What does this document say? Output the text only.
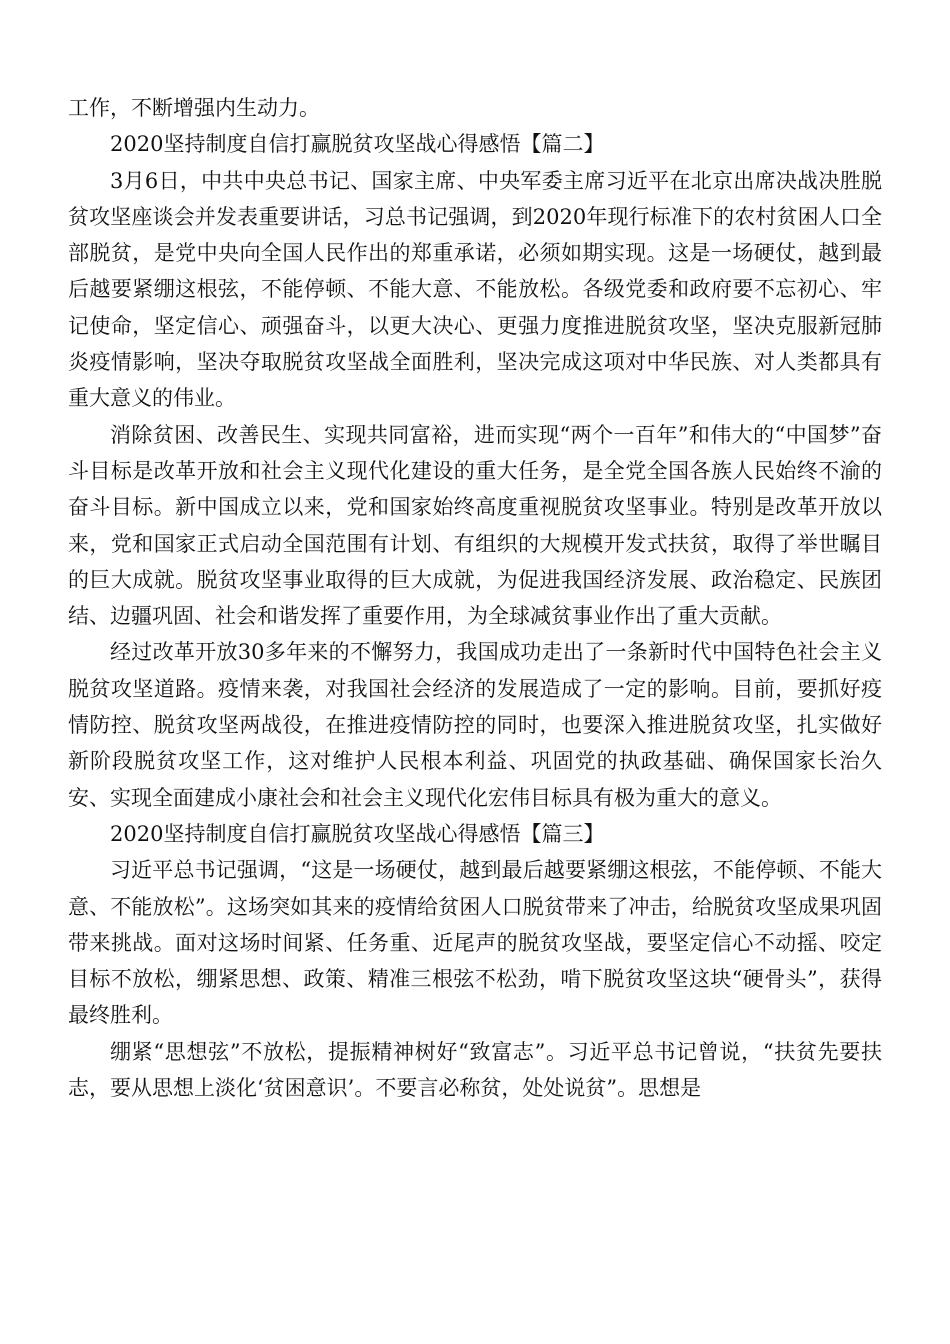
工作，不断增强内生动力。

2020坚持制度自信打赢脱贫攻坚战心得感悟【篇二】

3月6日，中共中央总书记、国家主席、中央军委主席习近平在北京出席决战决胜脱贫攻坚座谈会并发表重要讲话，习总书记强调，到2020年现行标准下的农村贫困人口全部脱贫，是党中央向全国人民作出的郑重承诺，必须如期实现。这是一场硬仗，越到最后越要紧绷这根弦，不能停顿、不能大意、不能放松。各级党委和政府要不忘初心、牢记使命，坚定信心、顽强奋斗，以更大决心、更强力度推进脱贫攻坚，坚决克服新冠肺炎疫情影响，坚决夺取脱贫攻坚战全面胜利，坚决完成这项对中华民族、对人类都具有重大意义的伟业。

消除贫困、改善民生、实现共同富裕，进而实现“两个一百年”和伟大的“中国梦”奋斗目标是改革开放和社会主义现代化建设的重大任务，是全党全国各族人民始终不渝的奋斗目标。新中国成立以来，党和国家始终高度重视脱贫攻坚事业。特别是改革开放以来，党和国家正式启动全国范围有计划、有组织的大规模开发式扶贫，取得了举世瞩目的巨大成就。脱贫攻坚事业取得的巨大成就，为促进我国经济发展、政治稳定、民族团结、边疆巩固、社会和谐发挥了重要作用，为全球减贫事业作出了重大贡献。

经过改革开放30多年来的不懈努力，我国成功走出了一条新时代中国特色社会主义脱贫攻坚道路。疫情来袭，对我国社会经济的发展造成了一定的影响。目前，要抓好疫情防控、脱贫攻坚两战役，在推进疫情防控的同时，也要深入推进脱贫攻坚，扎实做好新阶段脱贫攻坚工作，这对维护人民根本利益、巩固党的执政基础、确保国家长治久安、实现全面建成小康社会和社会主义现代化宏伟目标具有极为重大的意义。

2020坚持制度自信打赢脱贫攻坚战心得感悟【篇三】

习近平总书记强调，“这是一场硬仗，越到最后越要紧绷这根弦，不能停顿、不能大意、不能放松”。这场突如其来的疫情给贫困人口脱贫带来了冲击，给脱贫攻坚成果巩固带来挑战。面对这场时间紧、任务重、近尾声的脱贫攻坚战，要坚定信心不动摇、咬定目标不放松，绷紧思想、政策、精准三根弦不松劲，啃下脱贫攻坚这块“硬骨头”，获得最终胜利。

绷紧“思想弦”不放松，提振精神树好“致富志”。习近平总书记曾说，“扶贫先要扶志，要从思想上淡化‘贫困意识’。不要言必称贫，处处说贫”。思想是
